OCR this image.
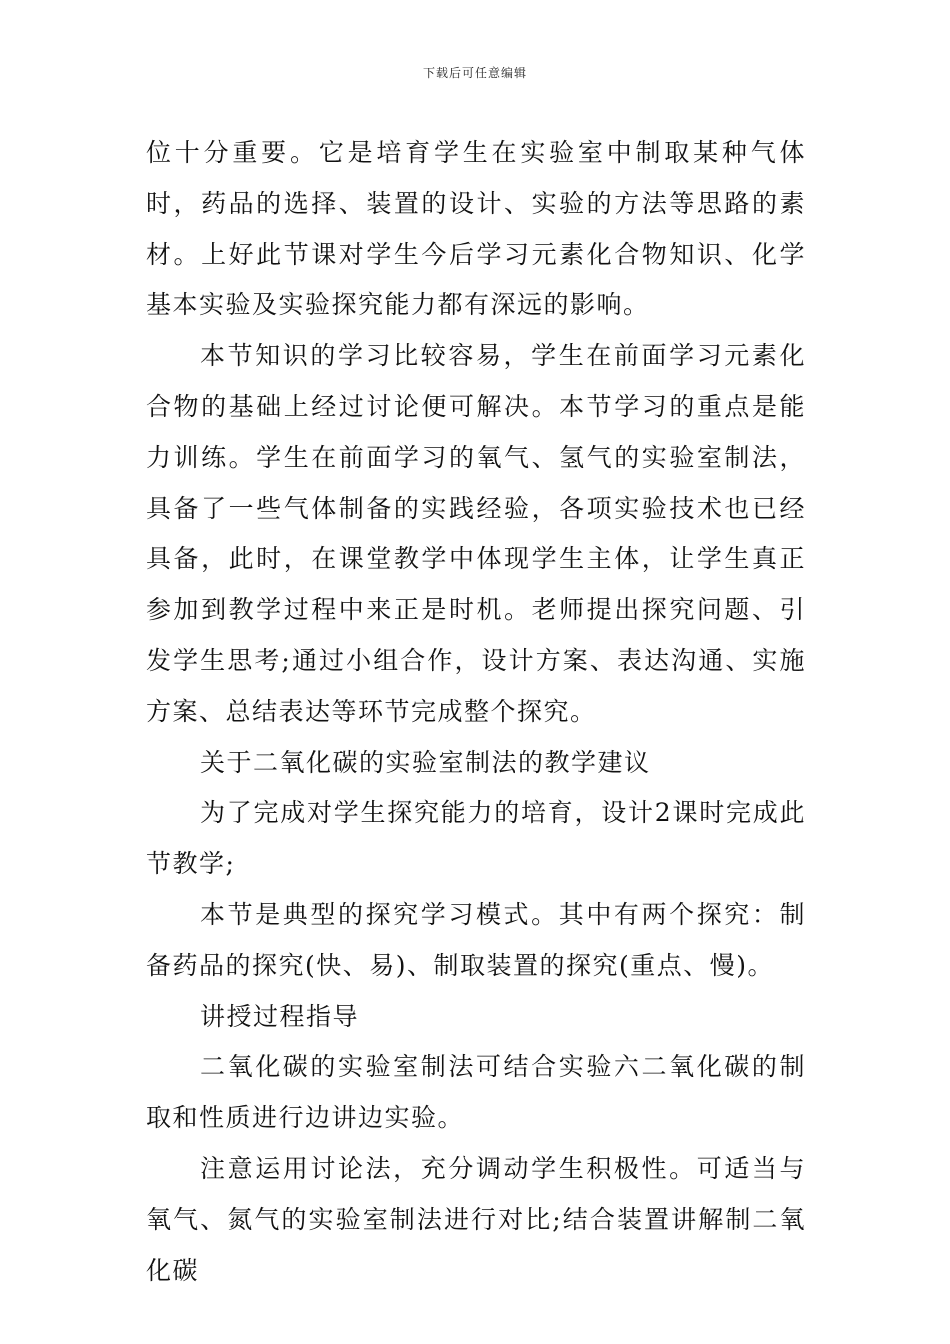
下载后可任意编辑

位十分重要。它是培育学生在实验室中制取某种气体时，药品的选择、装置的设计、实验的方法等思路的素材。上好此节课对学生今后学习元素化合物知识、化学基本实验及实验探究能力都有深远的影响。

本节知识的学习比较容易，学生在前面学习元素化合物的基础上经过讨论便可解决。本节学习的重点是能力训练。学生在前面学习的氧气、氢气的实验室制法，具备了一些气体制备的实践经验，各项实验技术也已经具备，此时，在课堂教学中体现学生主体，让学生真正参加到教学过程中来正是时机。老师提出探究问题、引发学生思考;通过小组合作，设计方案、表达沟通、实施方案、总结表达等环节完成整个探究。

关于二氧化碳的实验室制法的教学建议

为了完成对学生探究能力的培育，设计2课时完成此节教学;

本节是典型的探究学习模式。其中有两个探究：制备药品的探究(快、易)、制取装置的探究(重点、慢)。

讲授过程指导

二氧化碳的实验室制法可结合实验六二氧化碳的制取和性质进行边讲边实验。

注意运用讨论法，充分调动学生积极性。可适当与氧气、氮气的实验室制法进行对比;结合装置讲解制二氧化碳
